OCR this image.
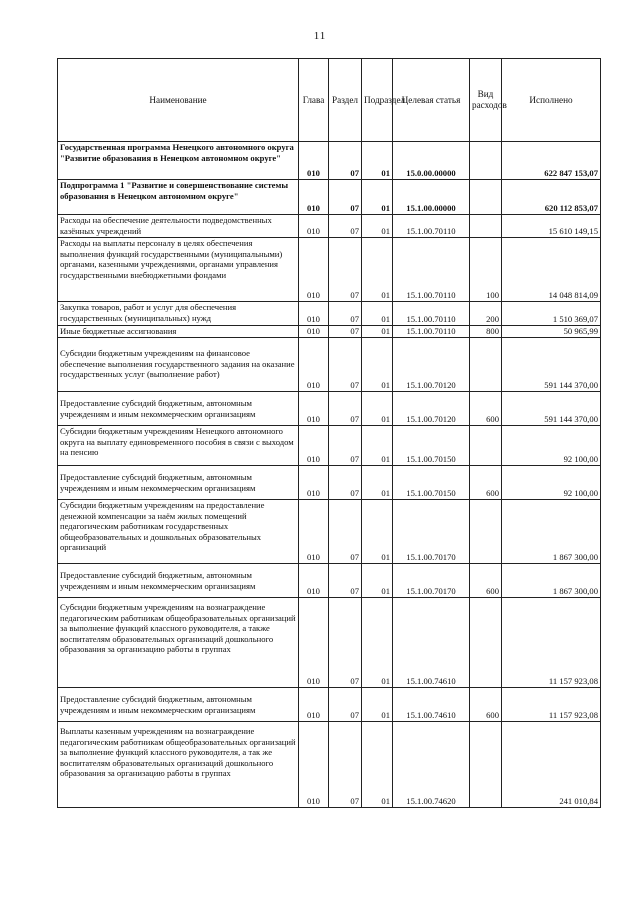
11
Наименование	Глава	Раздел	Подраздел	Целевая статья	Вид расходов	Исполнено
Государственная программа Ненецкого автономного округа "Развитие образования в Ненецком автономном округе"	010	07	01	15.0.00.00000		622 847 153,07
Подпрограмма 1 "Развитие и совершенствование системы образования в Ненецком автономном округе"	010	07	01	15.1.00.00000		620 112 853,07
Расходы на обеспечение деятельности подведомственных казённых учреждений	010	07	01	15.1.00.70110		15 610 149,15
Расходы на выплаты персоналу в целях обеспечения выполнения функций государственными (муниципальными) органами, казенными учреждениями, органами управления государственными внебюджетными фондами	010	07	01	15.1.00.70110	100	14 048 814,09
Закупка товаров, работ и услуг для обеспечения государственных (муниципальных) нужд	010	07	01	15.1.00.70110	200	1 510 369,07
Иные бюджетные ассигнования	010	07	01	15.1.00.70110	800	50 965,99
Субсидии бюджетным учреждениям на финансовое обеспечение выполнения государственного задания на оказание государственных услуг (выполнение работ)	010	07	01	15.1.00.70120		591 144 370,00
Предоставление субсидий бюджетным, автономным учреждениям и иным некоммерческим организациям	010	07	01	15.1.00.70120	600	591 144 370,00
Субсидии бюджетным учреждениям Ненецкого автономного округа на выплату единовременного пособия в связи с выходом на пенсию	010	07	01	15.1.00.70150		92 100,00
Предоставление субсидий бюджетным, автономным учреждениям и иным некоммерческим организациям	010	07	01	15.1.00.70150	600	92 100,00
Субсидии бюджетным учреждениям на предоставление денежной компенсации за наём жилых помещений педагогическим работникам государственных общеобразовательных и дошкольных образовательных организаций	010	07	01	15.1.00.70170		1 867 300,00
Предоставление субсидий бюджетным, автономным учреждениям и иным некоммерческим организациям	010	07	01	15.1.00.70170	600	1 867 300,00
Субсидии бюджетным учреждениям на вознаграждение педагогическим работникам общеобразовательных организаций за выполнение функций классного руководителя, а также воспитателям образовательных организаций дошкольного образования за организацию работы в группах	010	07	01	15.1.00.74610		11 157 923,08
Предоставление субсидий бюджетным, автономным учреждениям и иным некоммерческим организациям	010	07	01	15.1.00.74610	600	11 157 923,08
Выплаты казенным учреждениям на вознаграждение педагогическим работникам общеобразовательных организаций за выполнение функций классного руководителя, а так же воспитателям образовательных организаций дошкольного образования за организацию работы в группах	010	07	01	15.1.00.74620		241 010,84
